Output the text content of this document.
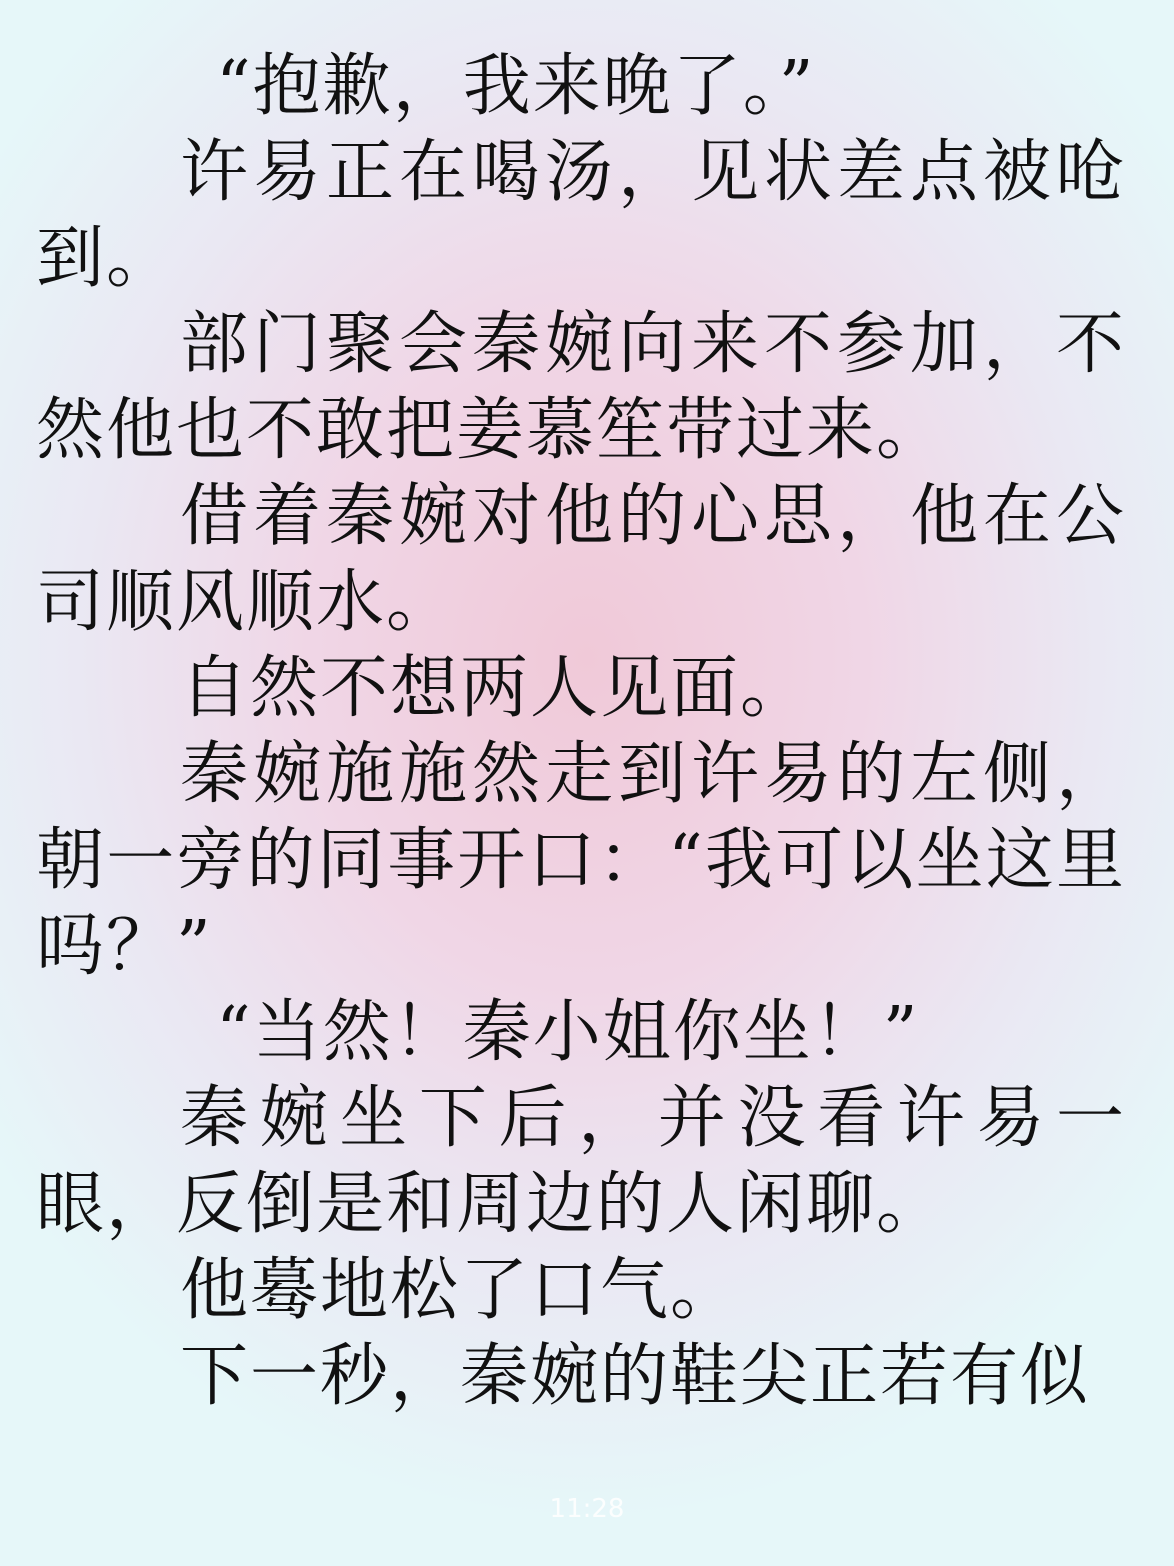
“抱歉，我来晚了。”

许易正在喝汤，见状差点被呛到。

部门聚会秦婉向来不参加，不然他也不敢把姜慕笙带过来。

借着秦婉对他的心思，他在公司顺风顺水。

自然不想两人见面。

秦婉施施然走到许易的左侧，朝一旁的同事开口：“我可以坐这里吗？”

“当然！秦小姐你坐！”

秦婉坐下后，并没看许易一眼，反倒是和周边的人闲聊。

他蓦地松了口气。

下一秒，秦婉的鞋尖正若有似

11:28
